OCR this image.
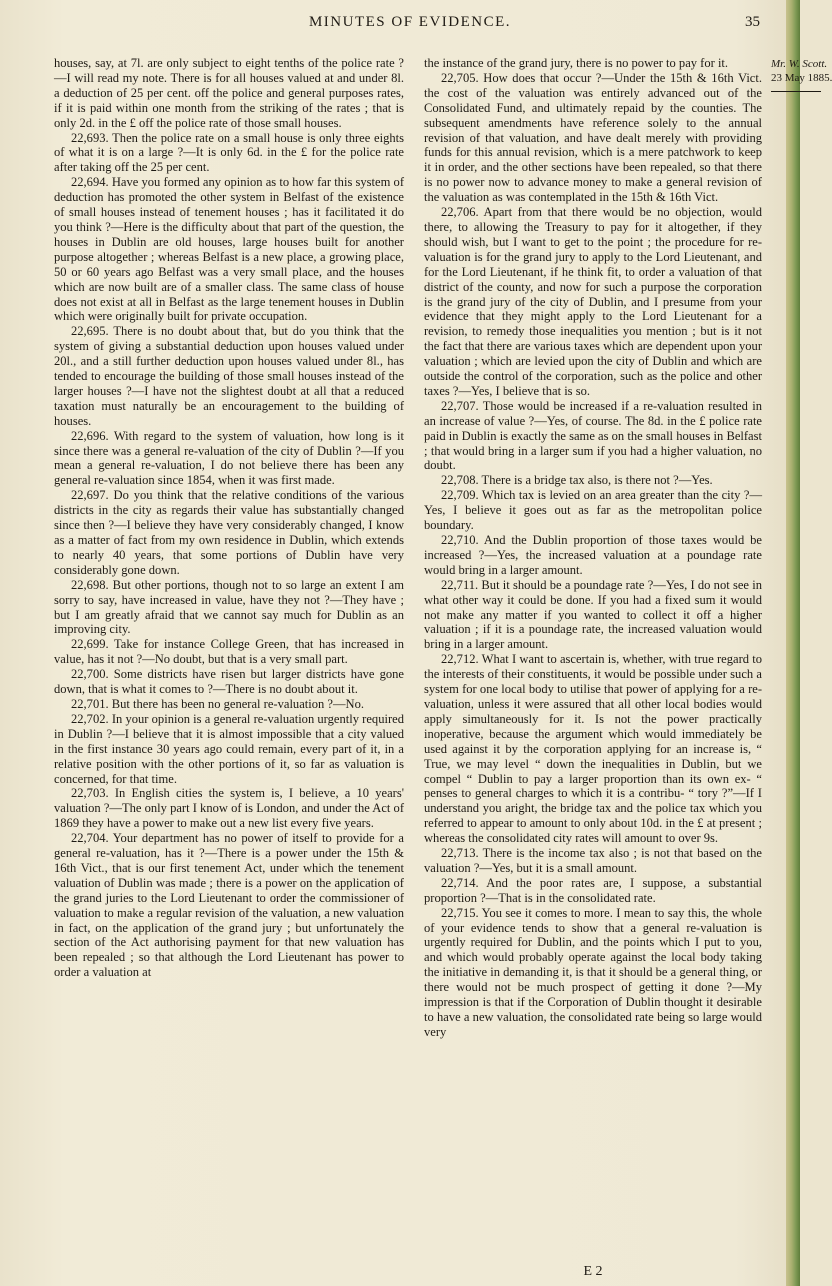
MINUTES OF EVIDENCE.	35

houses, say, at 7l. are only subject to eight tenths of the police rate ?—I will read my note. There is for all houses valued at and under 8l. a deduction of 25 per cent. off the police and general purposes rates, if it is paid within one month from the striking of the rates ; that is only 2d. in the £ off the police rate of those small houses.

22,693. Then the police rate on a small house is only three eights of what it is on a large ?—It is only 6d. in the £ for the police rate after taking off the 25 per cent.

22,694. Have you formed any opinion as to how far this system of deduction has promoted the other system in Belfast of the existence of small houses instead of tenement houses ; has it facilitated it do you think ?—Here is the difficulty about that part of the question, the houses in Dublin are old houses, large houses built for another purpose altogether ; whereas Belfast is a new place, a growing place, 50 or 60 years ago Belfast was a very small place, and the houses which are now built are of a smaller class. The same class of house does not exist at all in Belfast as the large tenement houses in Dublin which were originally built for private occupation.

22,695. There is no doubt about that, but do you think that the system of giving a substantial deduction upon houses valued under 20l., and a still further deduction upon houses valued under 8l., has tended to encourage the building of those small houses instead of the larger houses ?—I have not the slightest doubt at all that a reduced taxation must naturally be an encouragement to the building of houses.

22,696. With regard to the system of valuation, how long is it since there was a general re-valuation of the city of Dublin ?—If you mean a general re-valuation, I do not believe there has been any general re-valuation since 1854, when it was first made.

22,697. Do you think that the relative conditions of the various districts in the city as regards their value has substantially changed since then ?—I believe they have very considerably changed, I know as a matter of fact from my own residence in Dublin, which extends to nearly 40 years, that some portions of Dublin have very considerably gone down.

22,698. But other portions, though not to so large an extent I am sorry to say, have increased in value, have they not ?—They have ; but I am greatly afraid that we cannot say much for Dublin as an improving city.

22,699. Take for instance College Green, that has increased in value, has it not ?—No doubt, but that is a very small part.

22,700. Some districts have risen but larger districts have gone down, that is what it comes to ?—There is no doubt about it.

22,701. But there has been no general re-valuation ?—No.

22,702. In your opinion is a general re-valuation urgently required in Dublin ?—I believe that it is almost impossible that a city valued in the first instance 30 years ago could remain, every part of it, in a relative position with the other portions of it, so far as valuation is concerned, for that time.

22,703. In English cities the system is, I believe, a 10 years' valuation ?—The only part I know of is London, and under the Act of 1869 they have a power to make out a new list every five years.

22,704. Your department has no power of itself to provide for a general re-valuation, has it ?—There is a power under the 15th & 16th Vict., that is our first tenement Act, under which the tenement valuation of Dublin was made ; there is a power on the application of the grand juries to the Lord Lieutenant to order the commissioner of valuation to make a regular revision of the valuation, a new valuation in fact, on the application of the grand jury ; but unfortunately the section of the Act authorising payment for that new valuation has been repealed ; so that although the Lord Lieutenant has power to order a valuation at

the instance of the grand jury, there is no power to pay for it.

22,705. How does that occur ?—Under the 15th & 16th Vict. the cost of the valuation was entirely advanced out of the Consolidated Fund, and ultimately repaid by the counties. The subsequent amendments have reference solely to the annual revision of that valuation, and have dealt merely with providing funds for this annual revision, which is a mere patchwork to keep it in order, and the other sections have been repealed, so that there is no power now to advance money to make a general revision of the valuation as was contemplated in the 15th & 16th Vict.

22,706. Apart from that there would be no objection, would there, to allowing the Treasury to pay for it altogether, if they should wish, but I want to get to the point ; the procedure for re-valuation is for the grand jury to apply to the Lord Lieutenant, and for the Lord Lieutenant, if he think fit, to order a valuation of that district of the county, and now for such a purpose the corporation is the grand jury of the city of Dublin, and I presume from your evidence that they might apply to the Lord Lieutenant for a revision, to remedy those inequalities you mention ; but is it not the fact that there are various taxes which are dependent upon your valuation ; which are levied upon the city of Dublin and which are outside the control of the corporation, such as the police and other taxes ?—Yes, I believe that is so.

22,707. Those would be increased if a re-valuation resulted in an increase of value ?—Yes, of course. The 8d. in the £ police rate paid in Dublin is exactly the same as on the small houses in Belfast ; that would bring in a larger sum if you had a higher valuation, no doubt.

22,708. There is a bridge tax also, is there not ?—Yes.

22,709. Which tax is levied on an area greater than the city ?—Yes, I believe it goes out as far as the metropolitan police boundary.

22,710. And the Dublin proportion of those taxes would be increased ?—Yes, the increased valuation at a poundage rate would bring in a larger amount.

22,711. But it should be a poundage rate ?—Yes, I do not see in what other way it could be done. If you had a fixed sum it would not make any matter if you wanted to collect it off a higher valuation ; if it is a poundage rate, the increased valuation would bring in a larger amount.

22,712. What I want to ascertain is, whether, with true regard to the interests of their constituents, it would be possible under such a system for one local body to utilise that power of applying for a re-valuation, unless it were assured that all other local bodies would apply simultaneously for it. Is not the power practically inoperative, because the argument which would immediately be used against it by the corporation applying for an increase is, “ True, we may level “ down the inequalities in Dublin, but we compel “ Dublin to pay a larger proportion than its own ex- “ penses to general charges to which it is a contribu- “ tory ?”—If I understand you aright, the bridge tax and the police tax which you referred to appear to amount to only about 10d. in the £ at present ; whereas the consolidated city rates will amount to over 9s.

22,713. There is the income tax also ; is not that based on the valuation ?—Yes, but it is a small amount.

22,714. And the poor rates are, I suppose, a substantial proportion ?—That is in the consolidated rate.

22,715. You see it comes to more. I mean to say this, the whole of your evidence tends to show that a general re-valuation is urgently required for Dublin, and the points which I put to you, and which would probably operate against the local body taking the initiative in demanding it, is that it should be a general thing, or there would not be much prospect of getting it done ?—My impression is that if the Corporation of Dublin thought it desirable to have a new valuation, the consolidated rate being so large would very

Mr. W. Scott.
23 May 1885.
E 2
